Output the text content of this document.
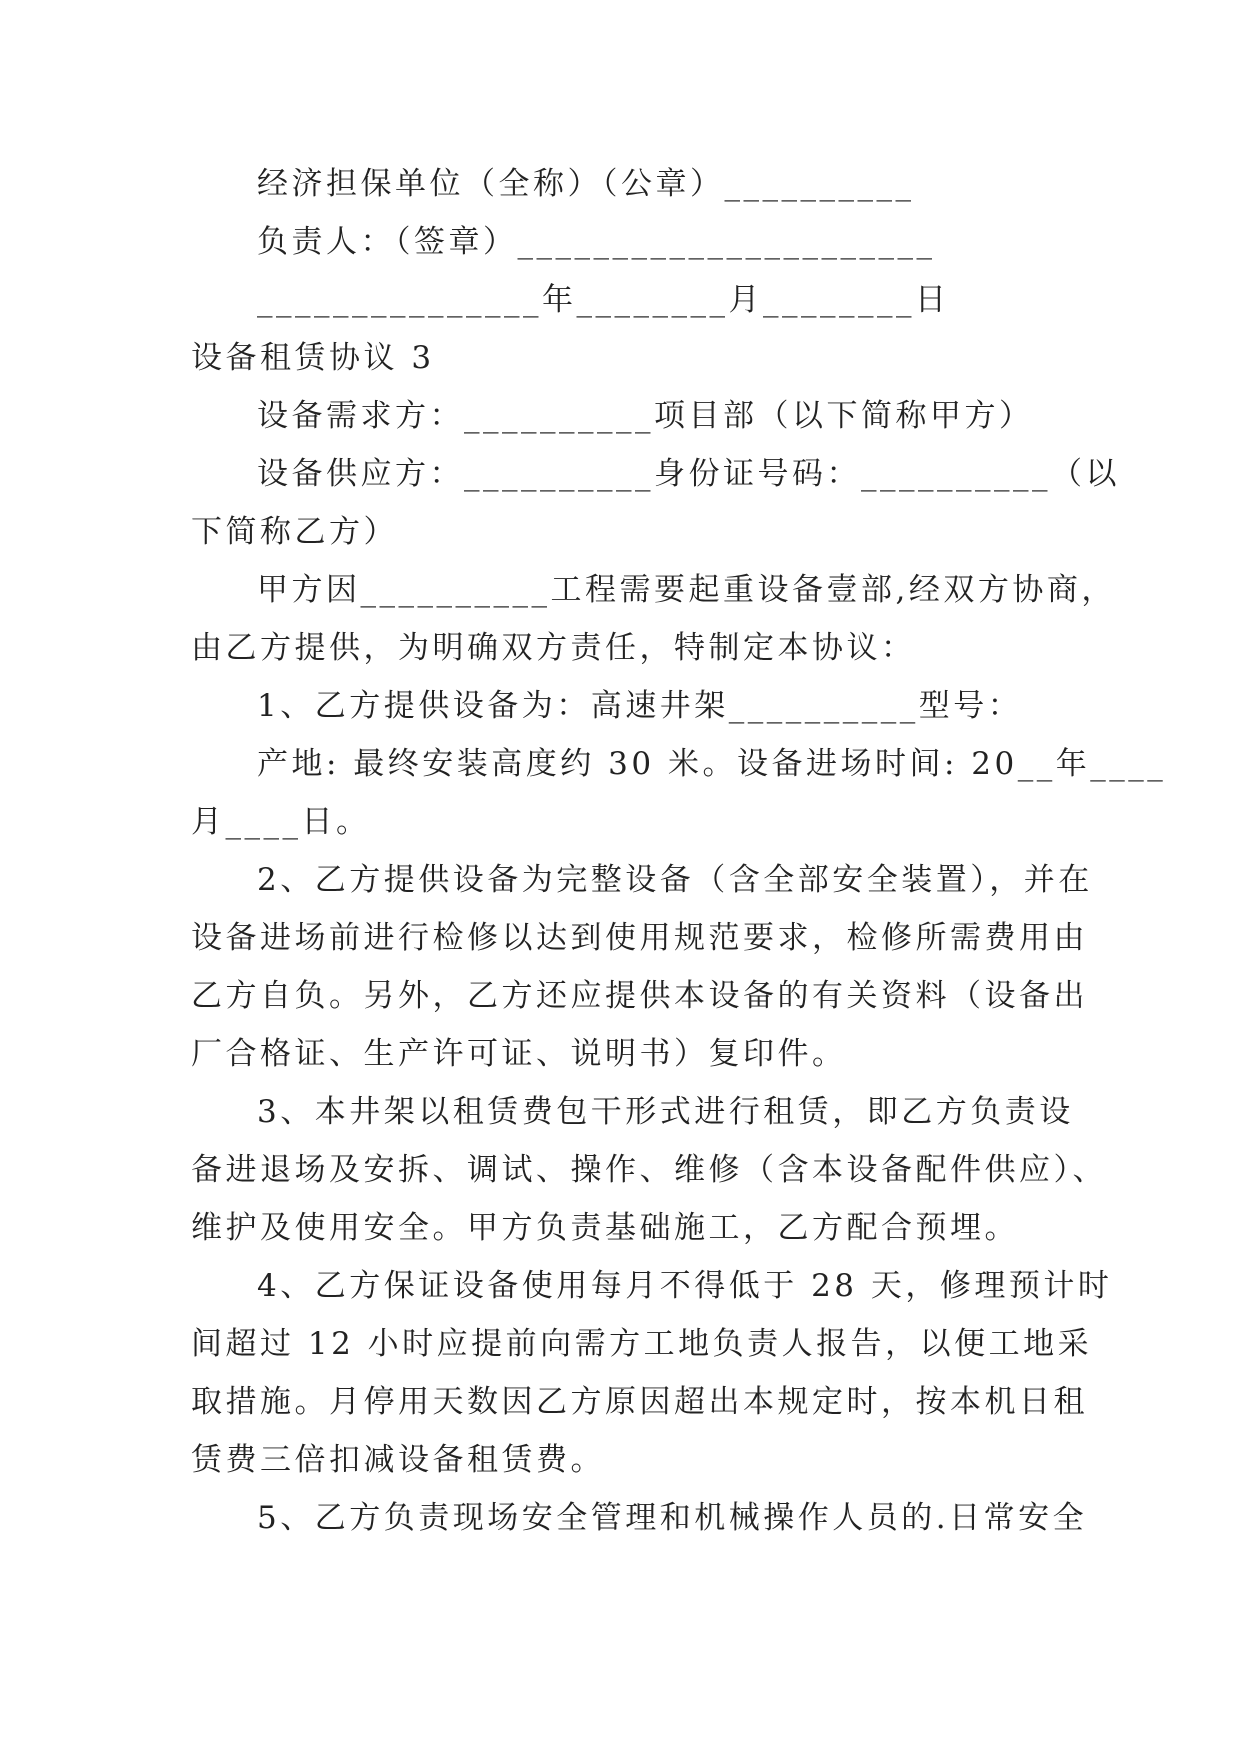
经济担保单位（全称）（公章）__________
负责人：（签章）______________________
_______________年________月________日
设备租赁协议 3
设备需求方：__________项目部（以下简称甲方）
设备供应方：__________身份证号码：__________（以
下简称乙方）
甲方因__________工程需要起重设备壹部,经双方协商，
由乙方提供，为明确双方责任，特制定本协议：
1、乙方提供设备为：高速井架__________型号：
产地: 最终安装高度约 30 米。设备进场时间: 20__年____
月____日。
2、乙方提供设备为完整设备（含全部安全装置），并在
设备进场前进行检修以达到使用规范要求，检修所需费用由
乙方自负。另外，乙方还应提供本设备的有关资料（设备出
厂合格证、生产许可证、说明书）复印件。
3、本井架以租赁费包干形式进行租赁，即乙方负责设
备进退场及安拆、调试、操作、维修（含本设备配件供应）、
维护及使用安全。甲方负责基础施工，乙方配合预埋。
4、乙方保证设备使用每月不得低于 28 天，修理预计时
间超过 12 小时应提前向需方工地负责人报告，以便工地采
取措施。月停用天数因乙方原因超出本规定时，按本机日租
赁费三倍扣减设备租赁费。
5、乙方负责现场安全管理和机械操作人员的.日常安全
